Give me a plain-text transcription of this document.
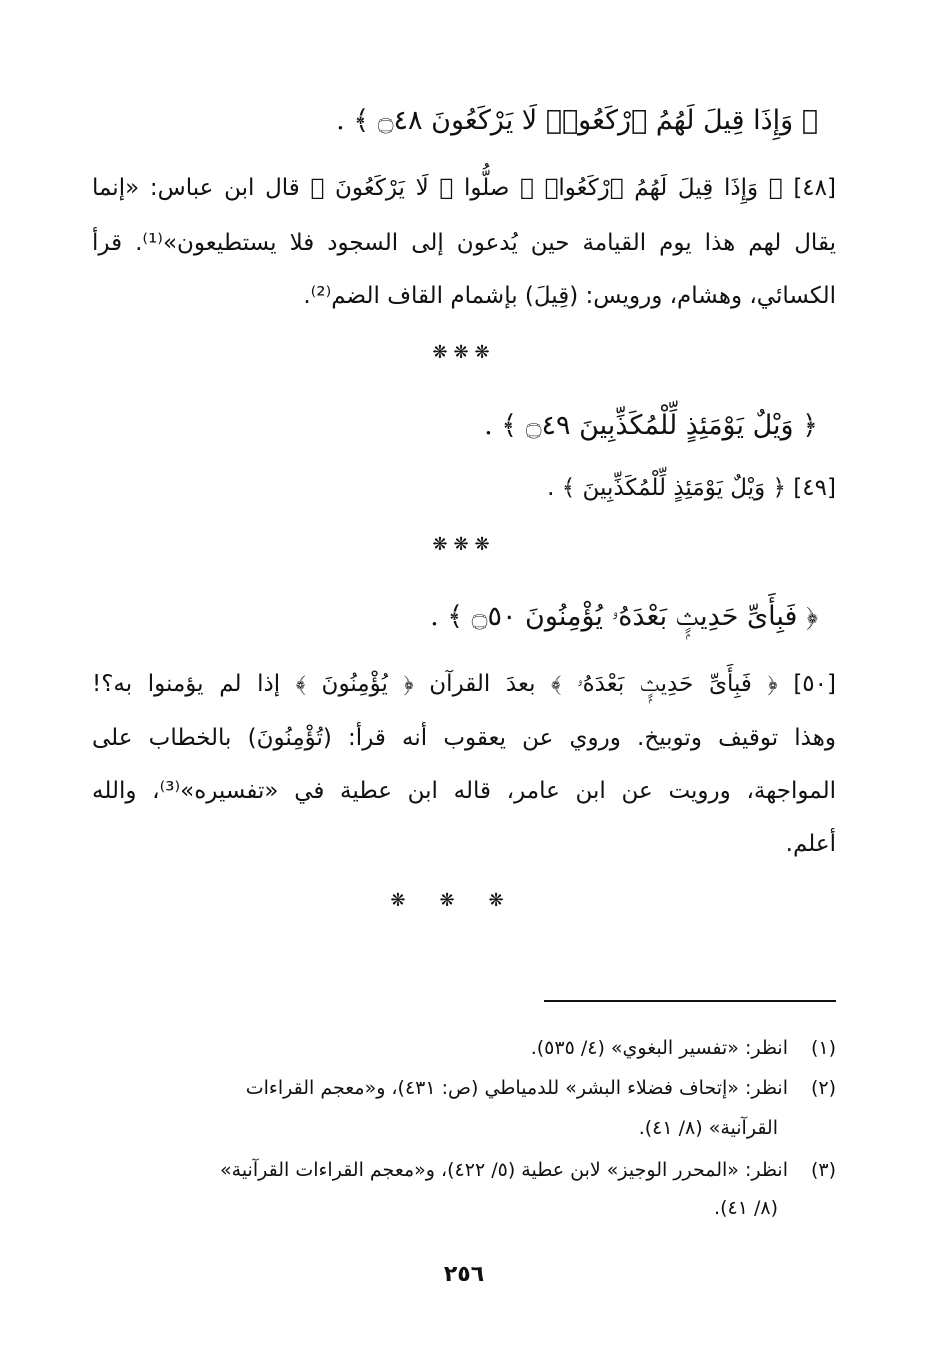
﴿ وَإِذَا قِيلَ لَهُمُ ٱرْكَعُوا۟ لَا يَرْكَعُونَ ۝٤٨ ﴾ .
[٤٨] ﴿ وَإِذَا قِيلَ لَهُمُ ٱرْكَعُوا۟ ﴾ صلُّوا ﴿ لَا يَرْكَعُونَ ﴾ قال ابن عباس: «إنما
يقال لهم هذا يوم القيامة حين يُدعون إلى السجود فلا يستطيعون»⁽¹⁾. قرأ
الكسائي، وهشام، ورويس: (قِيلَ) بإشمام القاف الضم⁽²⁾.
❋❋❋
﴿ وَيْلٌ يَوْمَئِذٍ لِّلْمُكَذِّبِينَ ۝٤٩ ﴾ .
[٤٩] ﴿ وَيْلٌ يَوْمَئِذٍ لِّلْمُكَذِّبِينَ ﴾ .
❋❋❋
﴿ فَبِأَىِّ حَدِيثٍۭ بَعْدَهُۥ يُؤْمِنُونَ ۝٥٠ ﴾ .
[٥٠] ﴿ فَبِأَىِّ حَدِيثٍۭ بَعْدَهُۥ ﴾ بعدَ القرآن ﴿ يُؤْمِنُونَ ﴾ إذا لم يؤمنوا به؟!
وهذا توقيف وتوبيخ. وروي عن يعقوب أنه قرأ: (تُؤْمِنُونَ) بالخطاب على
المواجهة، ورويت عن ابن عامر، قاله ابن عطية في «تفسيره»⁽³⁾، والله
أعلم.
❋❋❋
(١)انظر: «تفسير البغوي» (٤/ ٥٣٥).
(٢)انظر: «إتحاف فضلاء البشر» للدمياطي (ص: ٤٣١)، و«معجم القراءات
القرآنية» (٨/ ٤١).
(٣)انظر: «المحرر الوجيز» لابن عطية (٥/ ٤٢٢)، و«معجم القراءات القرآنية»
(٨/ ٤١).
٢٥٦
